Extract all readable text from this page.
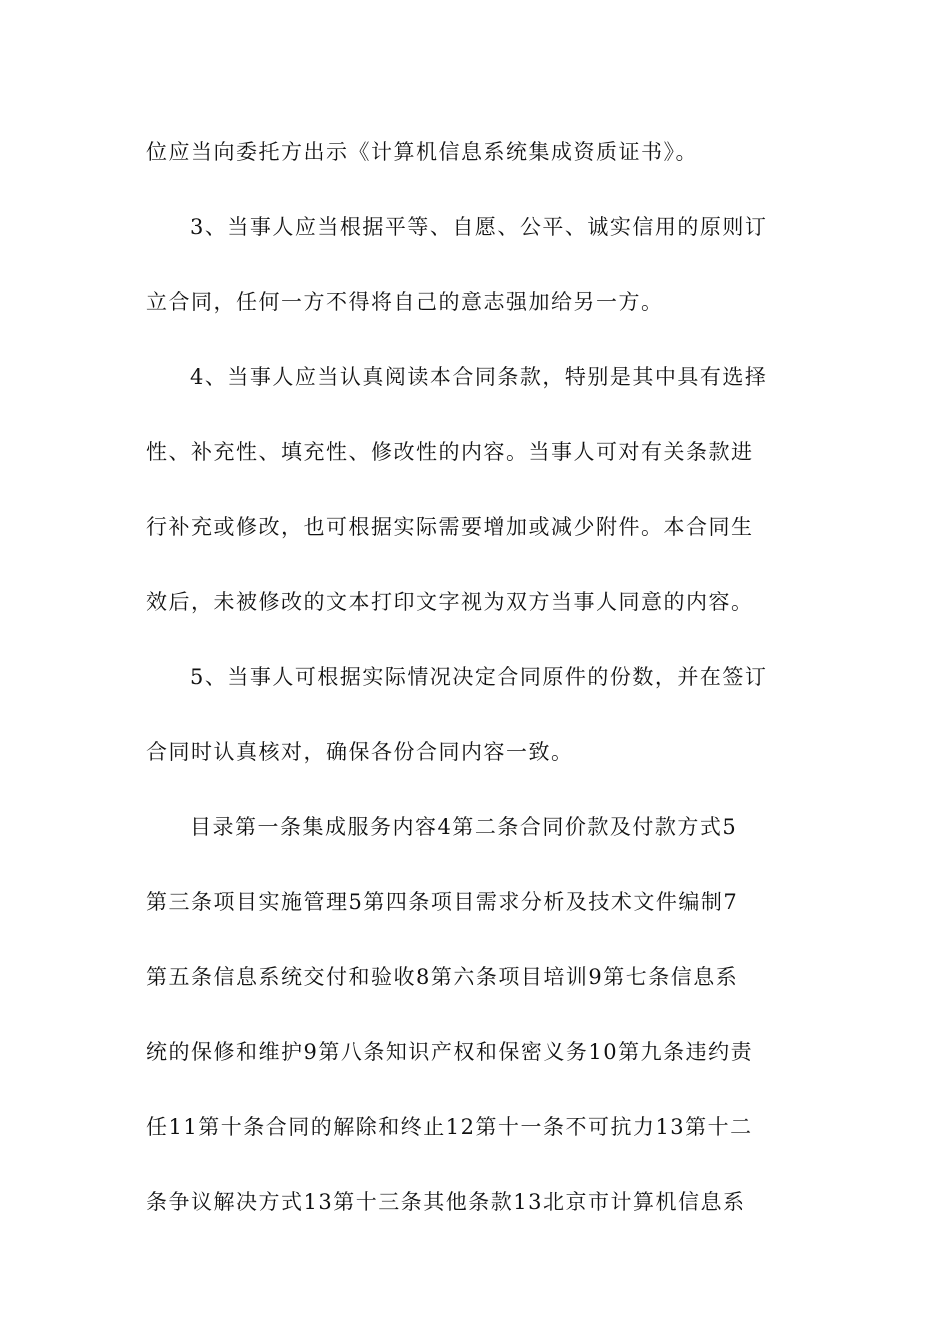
位应当向委托方出示《计算机信息系统集成资质证书》。
3、当事人应当根据平等、自愿、公平、诚实信用的原则订
立合同，任何一方不得将自己的意志强加给另一方。
4、当事人应当认真阅读本合同条款，特别是其中具有选择
性、补充性、填充性、修改性的内容。当事人可对有关条款进
行补充或修改，也可根据实际需要增加或减少附件。本合同生
效后，未被修改的文本打印文字视为双方当事人同意的内容。
5、当事人可根据实际情况决定合同原件的份数，并在签订
合同时认真核对，确保各份合同内容一致。
目录第一条集成服务内容4第二条合同价款及付款方式5
第三条项目实施管理5第四条项目需求分析及技术文件编制7
第五条信息系统交付和验收8第六条项目培训9第七条信息系
统的保修和维护9第八条知识产权和保密义务10第九条违约责
任11第十条合同的解除和终止12第十一条不可抗力13第十二
条争议解决方式13第十三条其他条款13北京市计算机信息系
